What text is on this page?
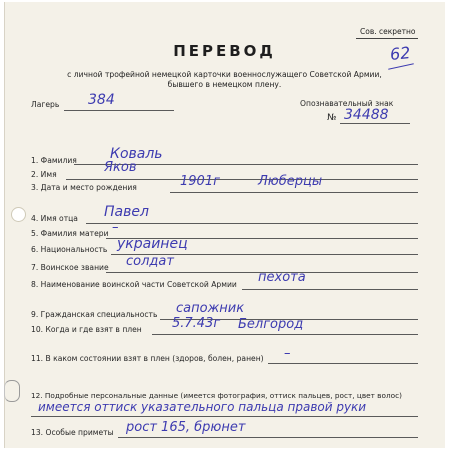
Сов. секретно
62
ПЕРЕВОД
с личной трофейной немецкой карточки военнослужащего Советской Армии,
бывшего в немецком плену.
Лагерь 384	Опознавательный знак
№ 34488
1. Фамилия Коваль
2. Имя	Яков
3. Дата и место рождения	1901г	Люберцы
4. Имя отца Павел
5. Фамилия матери –
6. Национальность украинец
7. Воинское звание солдат
8. Наименование воинской части Советской Армии пехота
9. Гражданская специальность сапожник
10. Когда и где взят в плен 5.7.43г Белгород
11. В каком состоянии взят в плен (здоров, болен, ранен) –
12. Подробные персональные данные (имеется фотография, оттиск пальцев, рост, цвет волос)
имеется оттиск указательного пальца правой руки
13. Особые приметы рост 165, брюнет
